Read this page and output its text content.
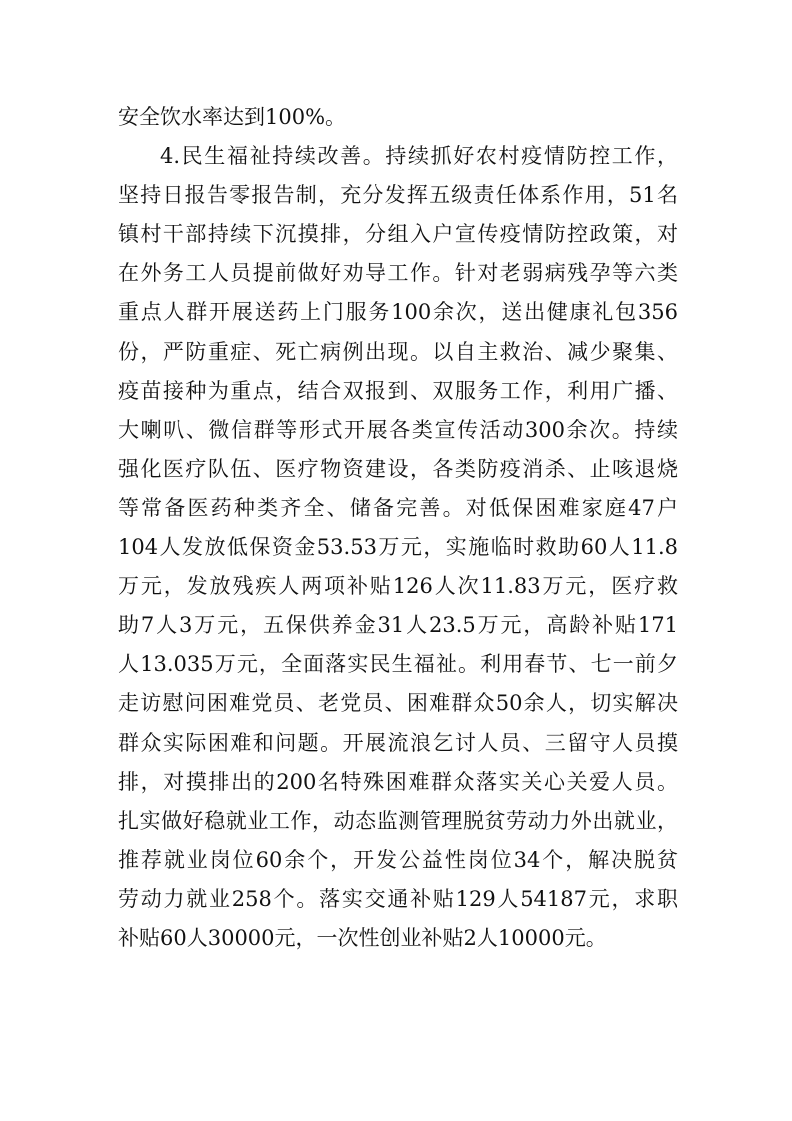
安全饮水率达到100%。
4.民生福祉持续改善。持续抓好农村疫情防控工作，
坚持日报告零报告制，充分发挥五级责任体系作用，51名
镇村干部持续下沉摸排，分组入户宣传疫情防控政策，对
在外务工人员提前做好劝导工作。针对老弱病残孕等六类
重点人群开展送药上门服务100余次，送出健康礼包356
份，严防重症、死亡病例出现。以自主救治、减少聚集、
疫苗接种为重点，结合双报到、双服务工作，利用广播、
大喇叭、微信群等形式开展各类宣传活动300余次。持续
强化医疗队伍、医疗物资建设，各类防疫消杀、止咳退烧
等常备医药种类齐全、储备完善。对低保困难家庭47户
104人发放低保资金53.53万元，实施临时救助60人11.8
万元，发放残疾人两项补贴126人次11.83万元，医疗救
助7人3万元，五保供养金31人23.5万元，高龄补贴171
人13.035万元，全面落实民生福祉。利用春节、七一前夕
走访慰问困难党员、老党员、困难群众50余人，切实解决
群众实际困难和问题。开展流浪乞讨人员、三留守人员摸
排，对摸排出的200名特殊困难群众落实关心关爱人员。
扎实做好稳就业工作，动态监测管理脱贫劳动力外出就业，
推荐就业岗位60余个，开发公益性岗位34个，解决脱贫
劳动力就业258个。落实交通补贴129人54187元，求职
补贴60人30000元，一次性创业补贴2人10000元。
